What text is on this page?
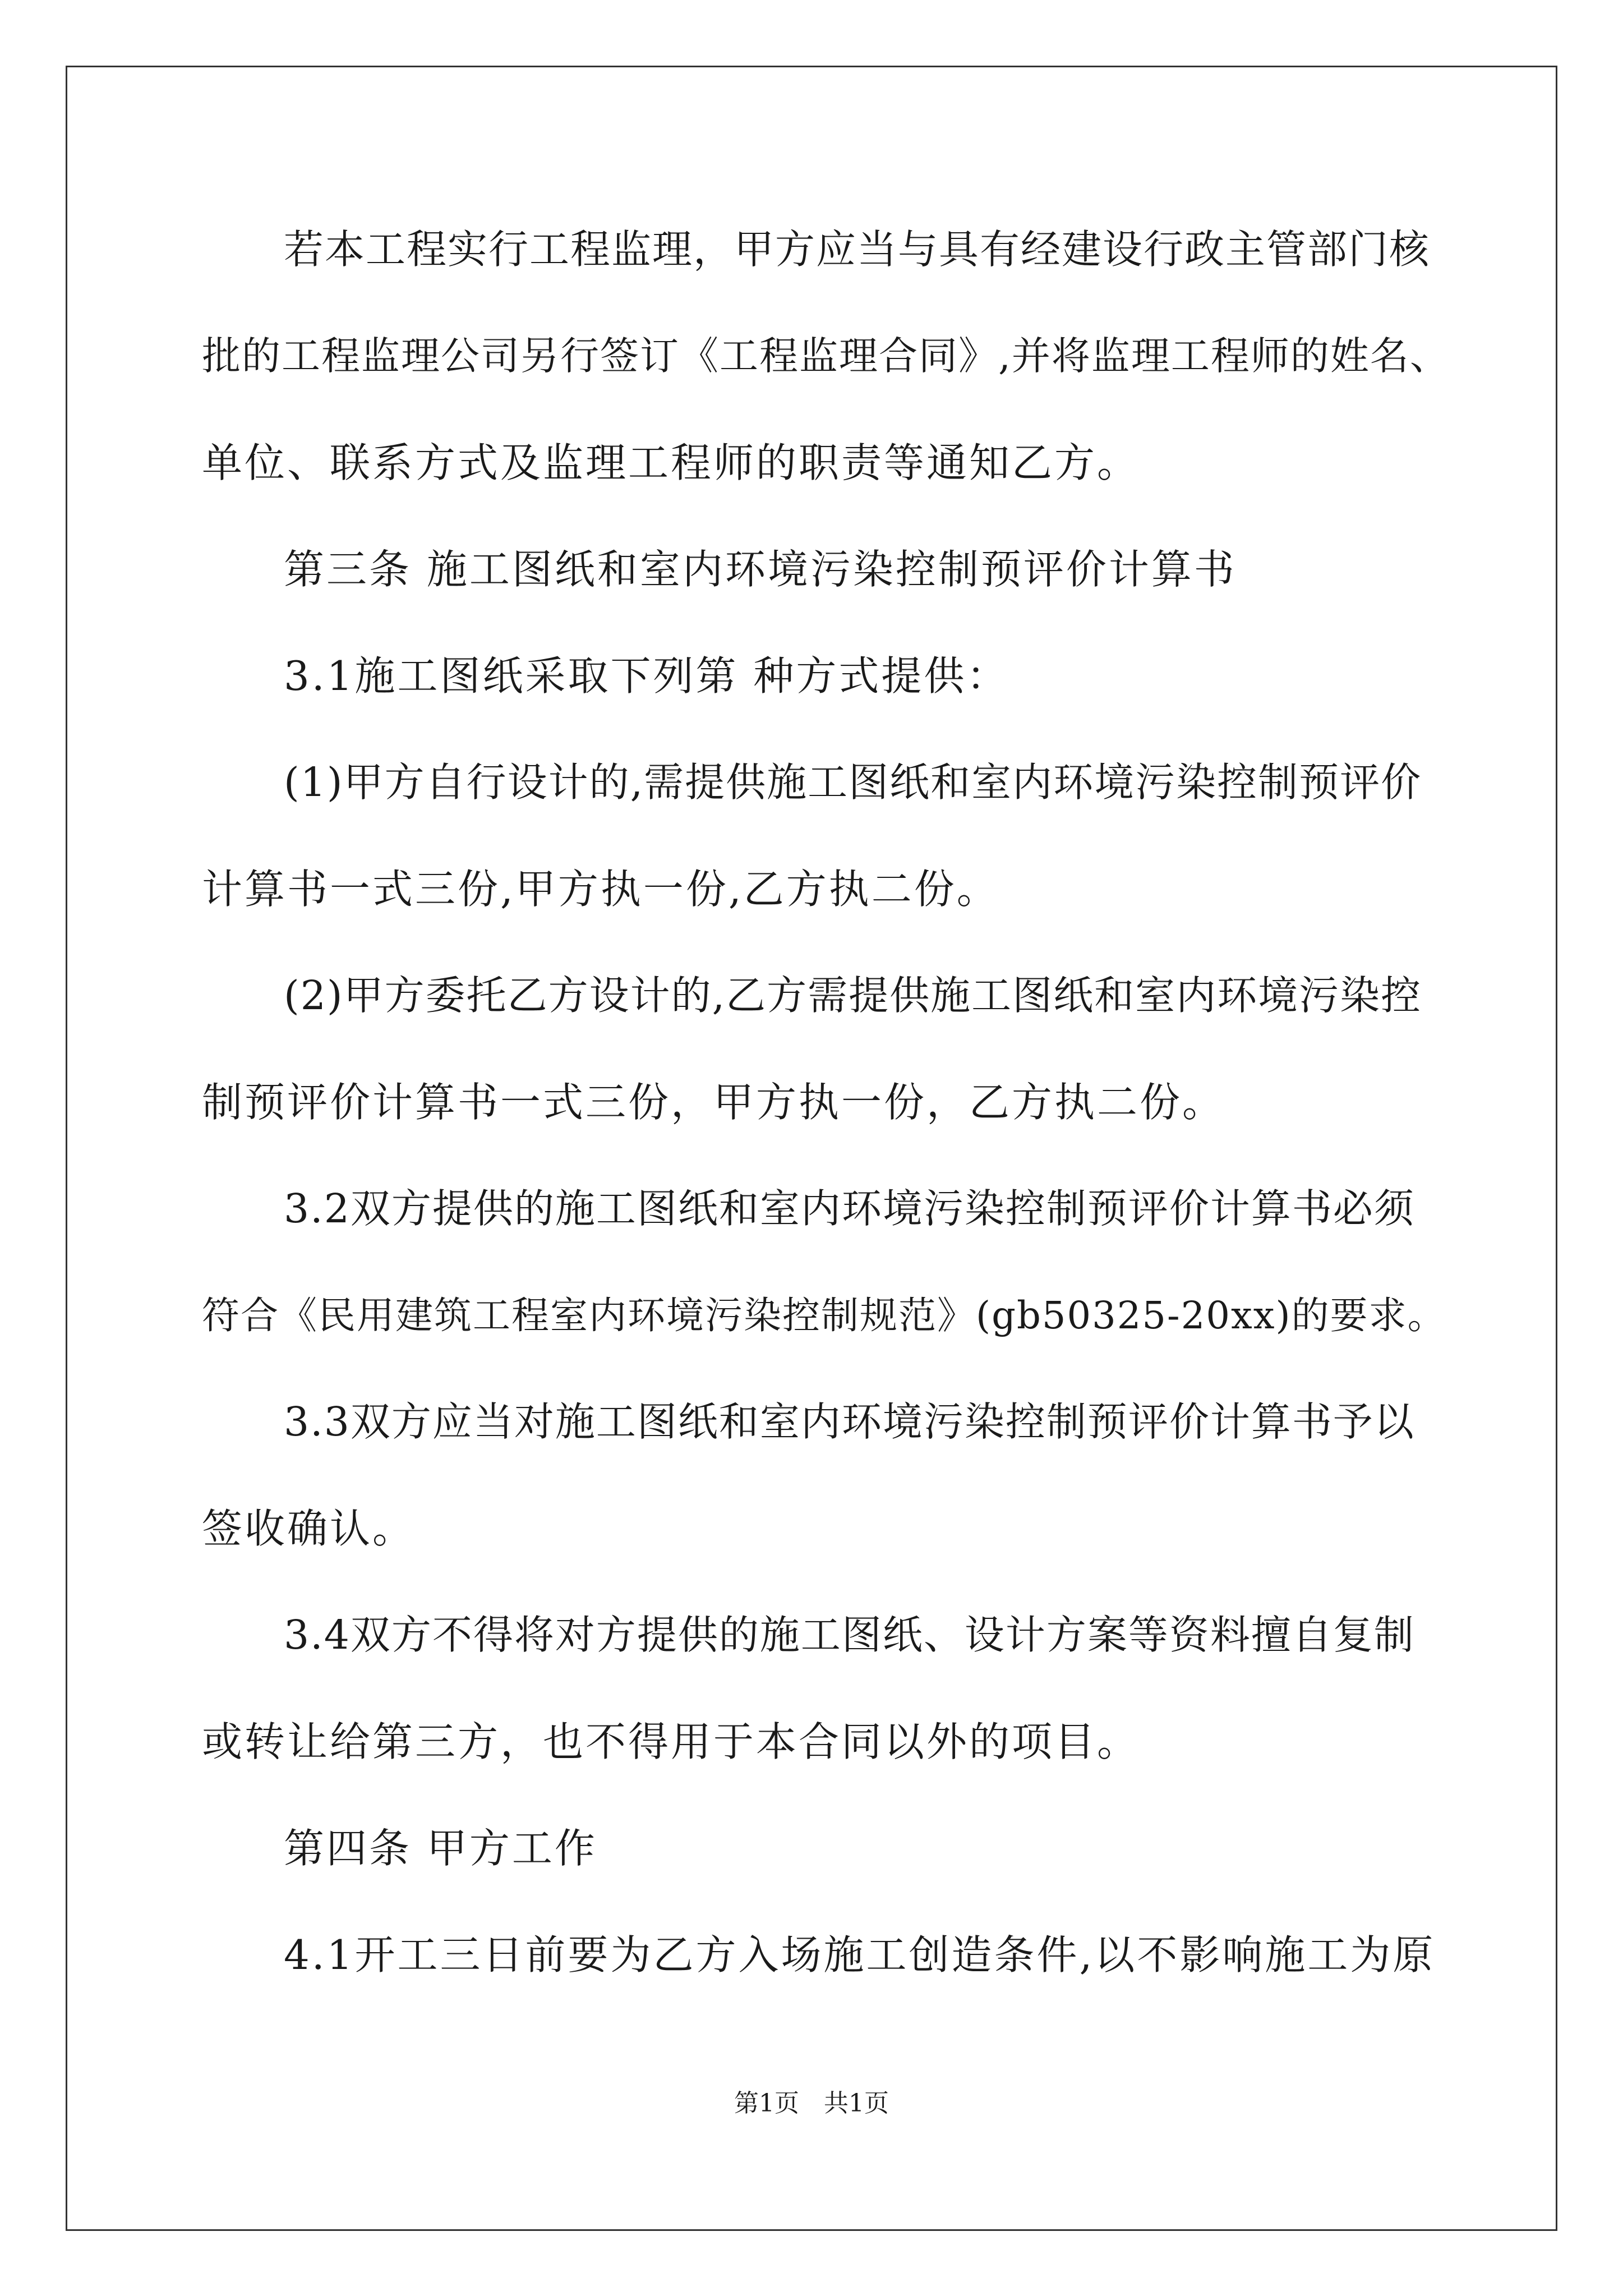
若本工程实行工程监理，甲方应当与具有经建设行政主管部门核
批的工程监理公司另行签订《工程监理合同》,并将监理工程师的姓名、
单位、联系方式及监理工程师的职责等通知乙方。
第三条 施工图纸和室内环境污染控制预评价计算书
3.1施工图纸采取下列第 种方式提供：
(1)甲方自行设计的,需提供施工图纸和室内环境污染控制预评价
计算书一式三份,甲方执一份,乙方执二份。
(2)甲方委托乙方设计的,乙方需提供施工图纸和室内环境污染控
制预评价计算书一式三份，甲方执一份，乙方执二份。
3.2双方提供的施工图纸和室内环境污染控制预评价计算书必须
符合《民用建筑工程室内环境污染控制规范》(gb50325-20xx)的要求。
3.3双方应当对施工图纸和室内环境污染控制预评价计算书予以
签收确认。
3.4双方不得将对方提供的施工图纸、设计方案等资料擅自复制
或转让给第三方，也不得用于本合同以外的项目。
第四条 甲方工作
4.1开工三日前要为乙方入场施工创造条件,以不影响施工为原
第1页　共1页
